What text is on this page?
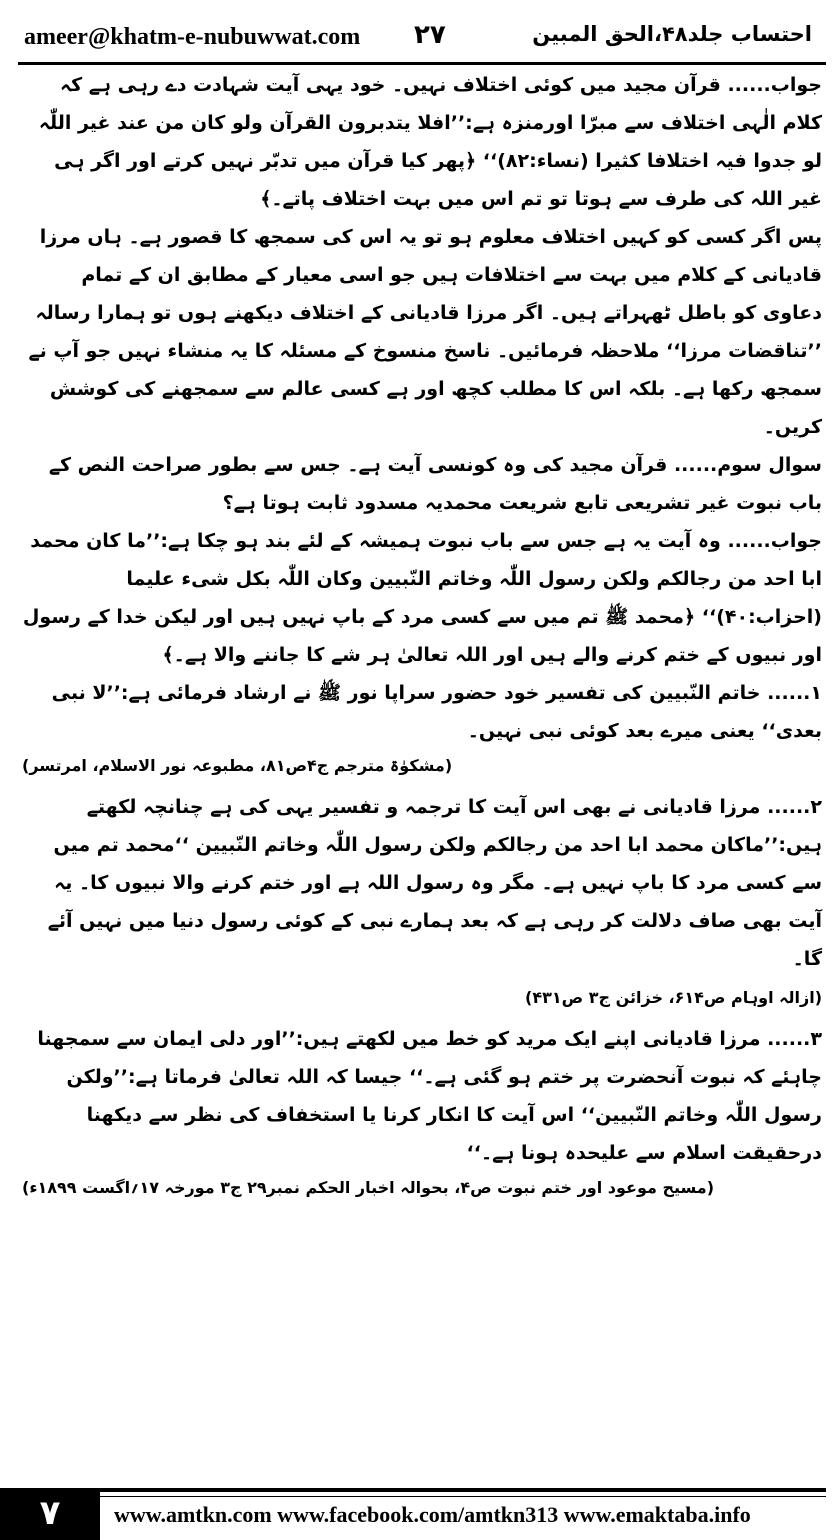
ameer@khatm-e-nubuwwat.com ۲۷	احتساب جلد۴۸،الحق المبین

جواب...... قرآن مجید میں کوئی اختلاف نہیں۔ خود یہی آیت شہادت دے رہی ہے کہ کلام الٰہی اختلاف سے مبرّا اورمنزہ ہے:’’افلا یتدبرون القرآن ولو کان من عند غیر اللّٰہ لو جدوا فیہ اختلافا کثیرا (نساء:۸۲)‘‘ ﴿پھر کیا قرآن میں تدبّر نہیں کرتے اور اگر ہی غیر اللہ کی طرف سے ہوتا تو تم اس میں بہت اختلاف پاتے۔﴾

پس اگر کسی کو کہیں اختلاف معلوم ہو تو یہ اس کی سمجھ کا قصور ہے۔ ہاں مرزا قادیانی کے کلام میں بہت سے اختلافات ہیں جو اسی معیار کے مطابق ان کے تمام دعاوی کو باطل ٹھہراتے ہیں۔ اگر مرزا قادیانی کے اختلاف دیکھنے ہوں تو ہمارا رسالہ ’’تناقضات مرزا‘‘ ملاحظہ فرمائیں۔ ناسخ منسوخ کے مسئلہ کا یہ منشاء نہیں جو آپ نے سمجھ رکھا ہے۔ بلکہ اس کا مطلب کچھ اور ہے کسی عالم سے سمجھنے کی کوشش کریں۔

سوال سوم...... قرآن مجید کی وہ کونسی آیت ہے۔ جس سے بطور صراحت النص کے باب نبوت غیر تشریعی تابع شریعت محمدیہ مسدود ثابت ہوتا ہے؟

جواب...... وہ آیت یہ ہے جس سے باب نبوت ہمیشہ کے لئے بند ہو چکا ہے:’’ما کان محمد ابا احد من رجالکم ولکن رسول اللّٰہ وخاتم النّبیین وکان اللّٰہ بکل شیء علیما (احزاب:۴۰)‘‘ ﴿محمد ﷺ تم میں سے کسی مرد کے باپ نہیں ہیں اور لیکن خدا کے رسول اور نبیوں کے ختم کرنے والے ہیں اور اللہ تعالیٰ ہر شے کا جاننے والا ہے۔﴾

۱...... خاتم النّبیین کی تفسیر خود حضور سراپا نور ﷺ نے ارشاد فرمائی ہے:’’لا نبی بعدی‘‘ یعنی میرے بعد کوئی نبی نہیں۔

(مشکوٰۃ مترجم ج۴ص۸۱، مطبوعہ نور الاسلام، امرتسر)

۲...... مرزا قادیانی نے بھی اس آیت کا ترجمہ و تفسیر یہی کی ہے چنانچہ لکھتے ہیں:’’ماکان محمد ابا احد من رجالکم ولکن رسول اللّٰہ وخاتم النّبیین ‘‘محمد تم میں سے کسی مرد کا باپ نہیں ہے۔ مگر وہ رسول اللہ ہے اور ختم کرنے والا نبیوں کا۔ یہ آیت بھی صاف دلالت کر رہی ہے کہ بعد ہمارے نبی کے کوئی رسول دنیا میں نہیں آئے گا۔

(ازالہ اوہام ص۶۱۴، خزائن ج۳ ص۴۳۱)

۳...... مرزا قادیانی اپنے ایک مرید کو خط میں لکھتے ہیں:’’اور دلی ایمان سے سمجھنا چاہئے کہ نبوت آنحضرت پر ختم ہو گئی ہے۔‘‘ جیسا کہ اللہ تعالیٰ فرماتا ہے:’’ولکن رسول اللّٰہ وخاتم النّبیین‘‘ اس آیت کا انکار کرنا یا استخفاف کی نظر سے دیکھنا درحقیقت اسلام سے علیحدہ ہونا ہے۔‘‘

(مسیح موعود اور ختم نبوت ص۴، بحوالہ اخبار الحکم نمبر۲۹ ج۳ مورخہ ۱۷؍اگست ۱۸۹۹ء)
۷	www.amtkn.com www.facebook.com/amtkn313 www.emaktaba.info
